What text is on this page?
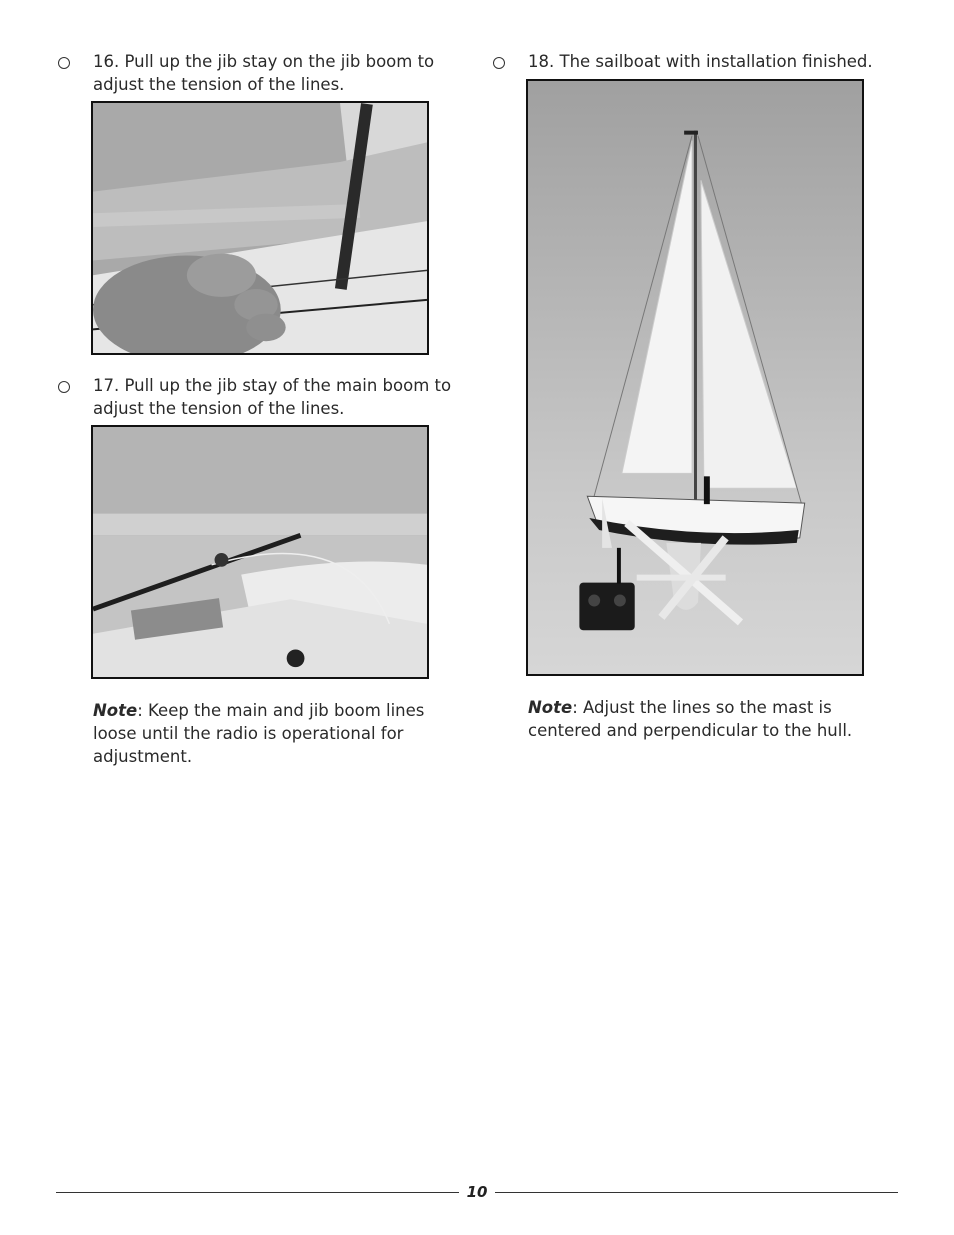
16. Pull up the jib stay on the jib boom to adjust the tension of the lines.
17. Pull up the jib stay of the main boom to adjust the tension of the lines.
Note: Keep the main and jib boom lines loose until the radio is operational for adjustment.
18. The sailboat with installation finished.
Note: Adjust the lines so the mast is centered and perpendicular to the hull.
10
